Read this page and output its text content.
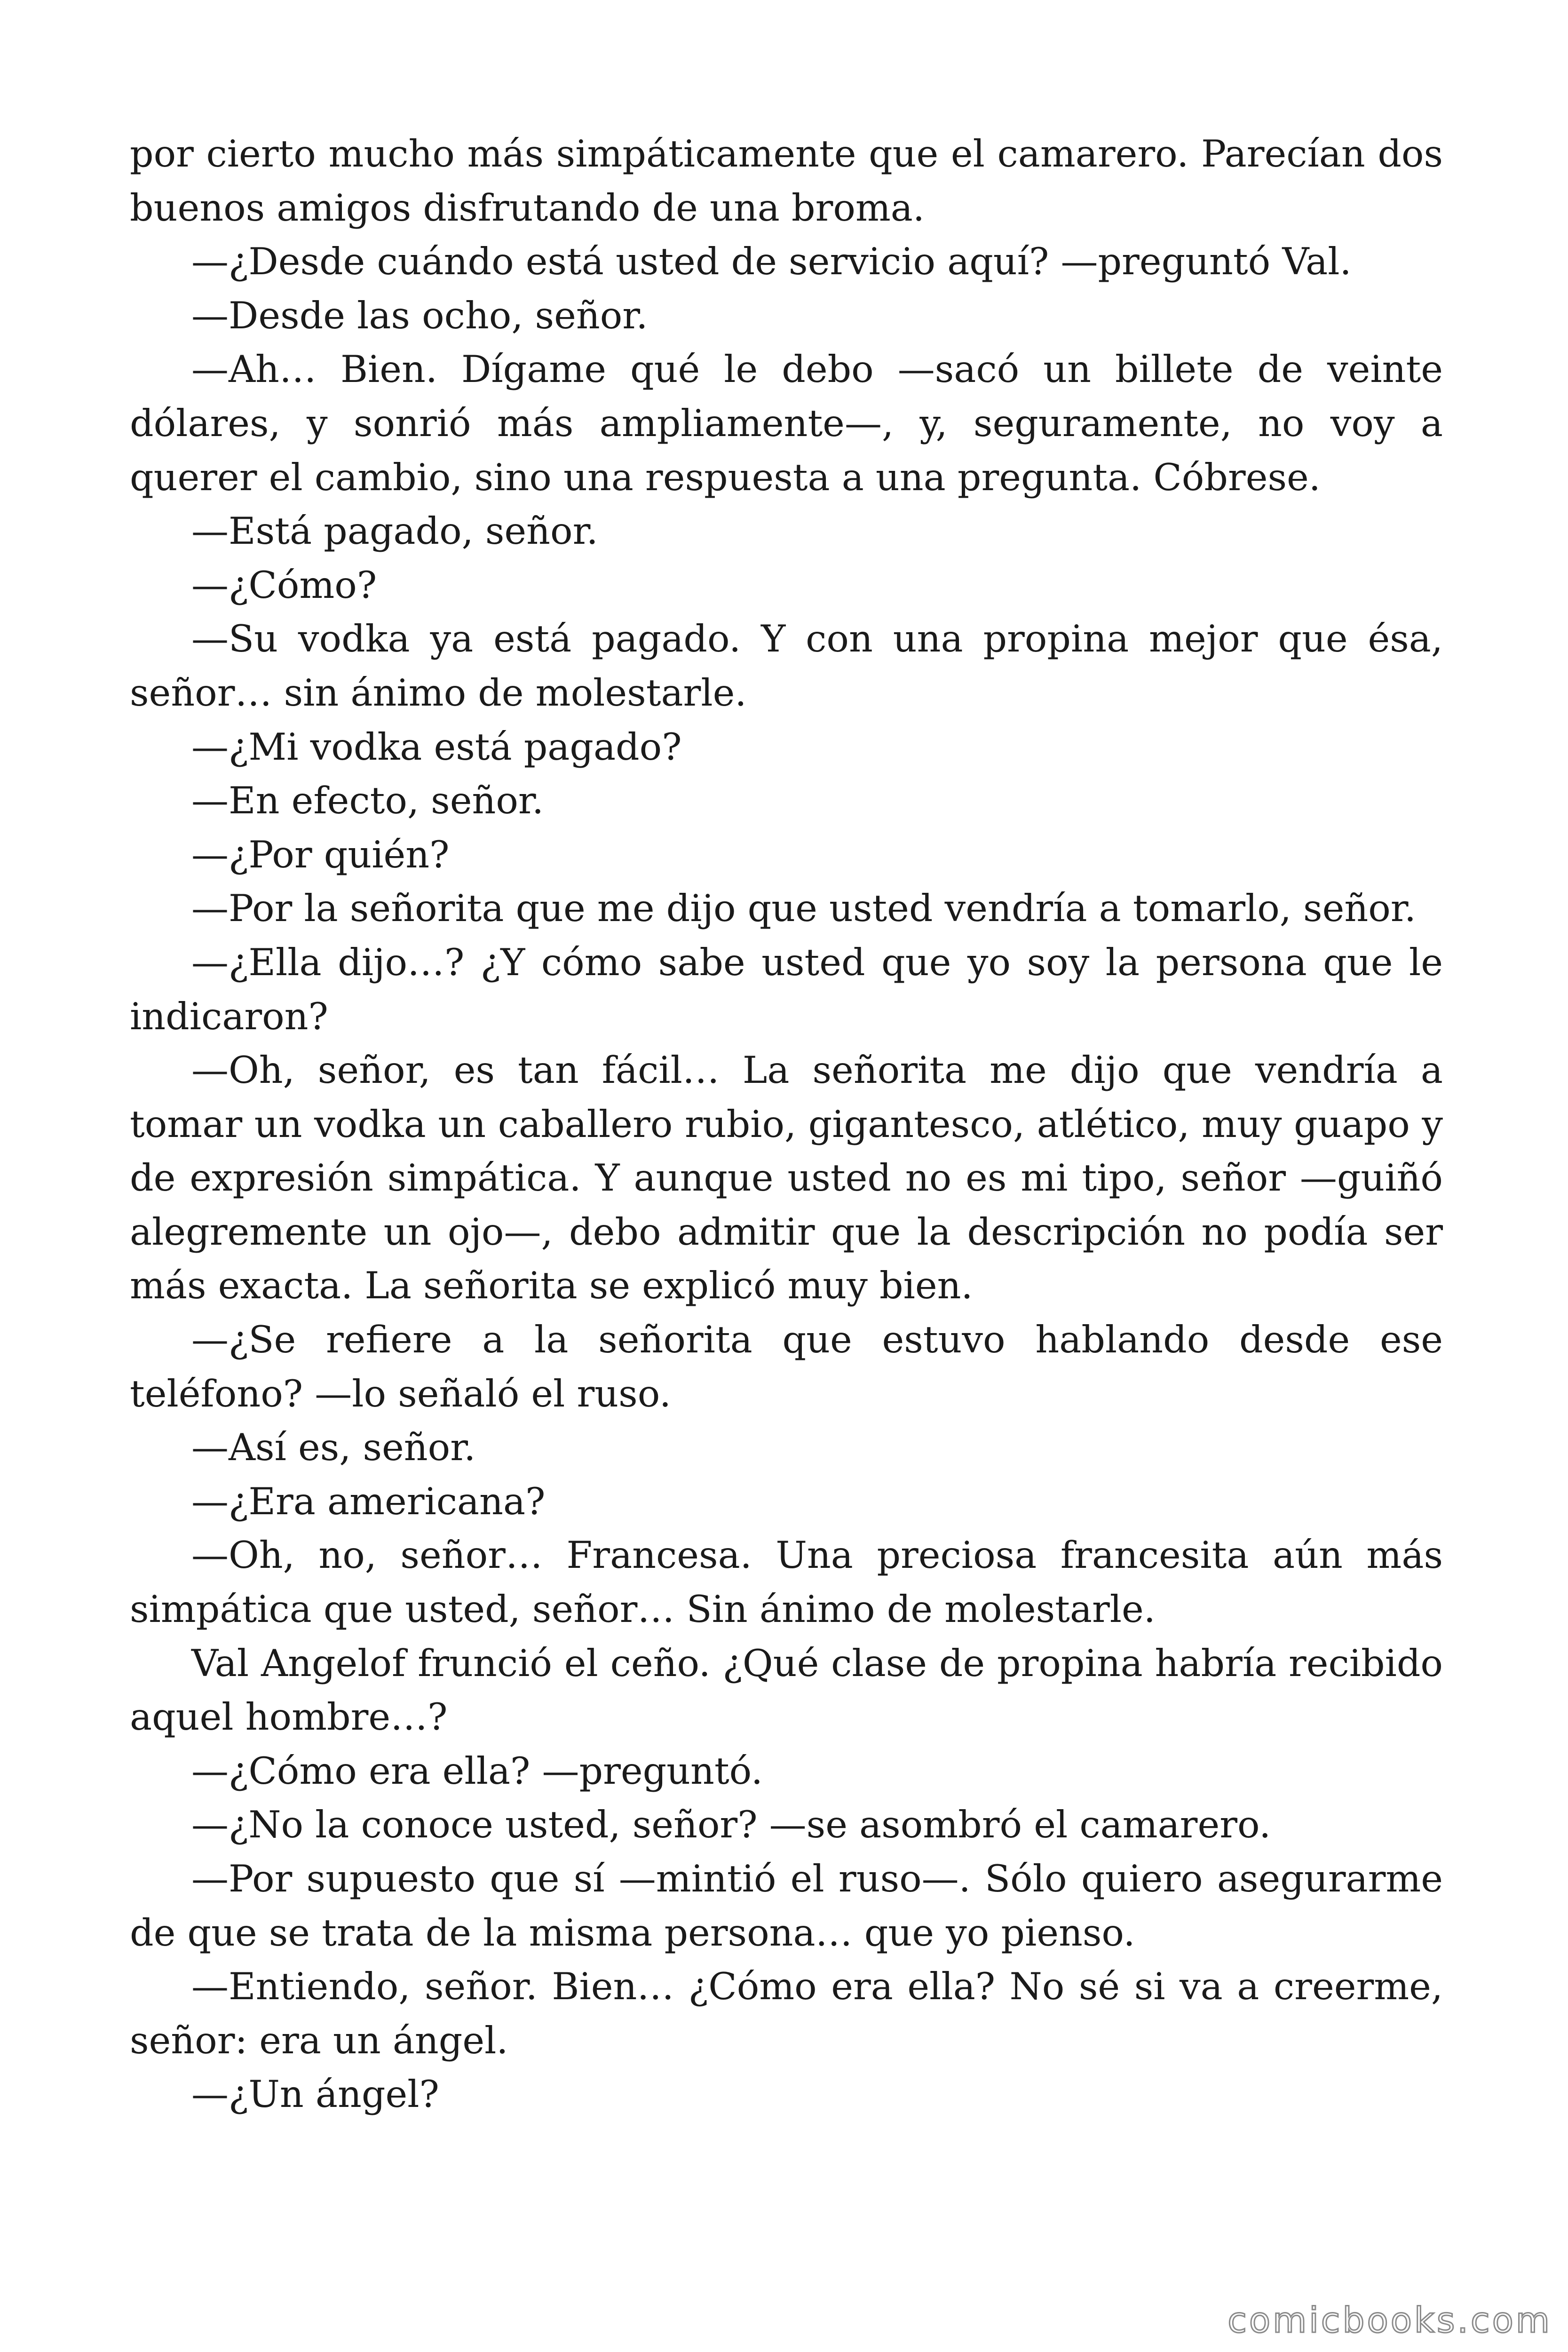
por cierto mucho más simpáticamente que el camarero. Parecían dos buenos amigos disfrutando de una broma.

—¿Desde cuándo está usted de servicio aquí? —preguntó Val.

—Desde las ocho, señor.

—Ah… Bien. Dígame qué le debo —sacó un billete de veinte dólares, y sonrió más ampliamente—, y, seguramente, no voy a querer el cambio, sino una respuesta a una pregunta. Cóbrese.

—Está pagado, señor.

—¿Cómo?

—Su vodka ya está pagado. Y con una propina mejor que ésa, señor… sin ánimo de molestarle.

—¿Mi vodka está pagado?

—En efecto, señor.

—¿Por quién?

—Por la señorita que me dijo que usted vendría a tomarlo, señor.

—¿Ella dijo…? ¿Y cómo sabe usted que yo soy la persona que le indicaron?

—Oh, señor, es tan fácil… La señorita me dijo que vendría a tomar un vodka un caballero rubio, gigantesco, atlético, muy guapo y de expresión simpática. Y aunque usted no es mi tipo, señor —guiñó alegremente un ojo—, debo admitir que la descripción no podía ser más exacta. La señorita se explicó muy bien.

—¿Se refiere a la señorita que estuvo hablando desde ese teléfono? —lo señaló el ruso.

—Así es, señor.

—¿Era americana?

—Oh, no, señor… Francesa. Una preciosa francesita aún más simpática que usted, señor… Sin ánimo de molestarle.

Val Angelof frunció el ceño. ¿Qué clase de propina habría recibido aquel hombre…?

—¿Cómo era ella? —preguntó.

—¿No la conoce usted, señor? —se asombró el camarero.

—Por supuesto que sí —mintió el ruso—. Sólo quiero asegurarme de que se trata de la misma persona… que yo pienso.

—Entiendo, señor. Bien… ¿Cómo era ella? No sé si va a creerme, señor: era un ángel.

—¿Un ángel?

comicbooks.com
